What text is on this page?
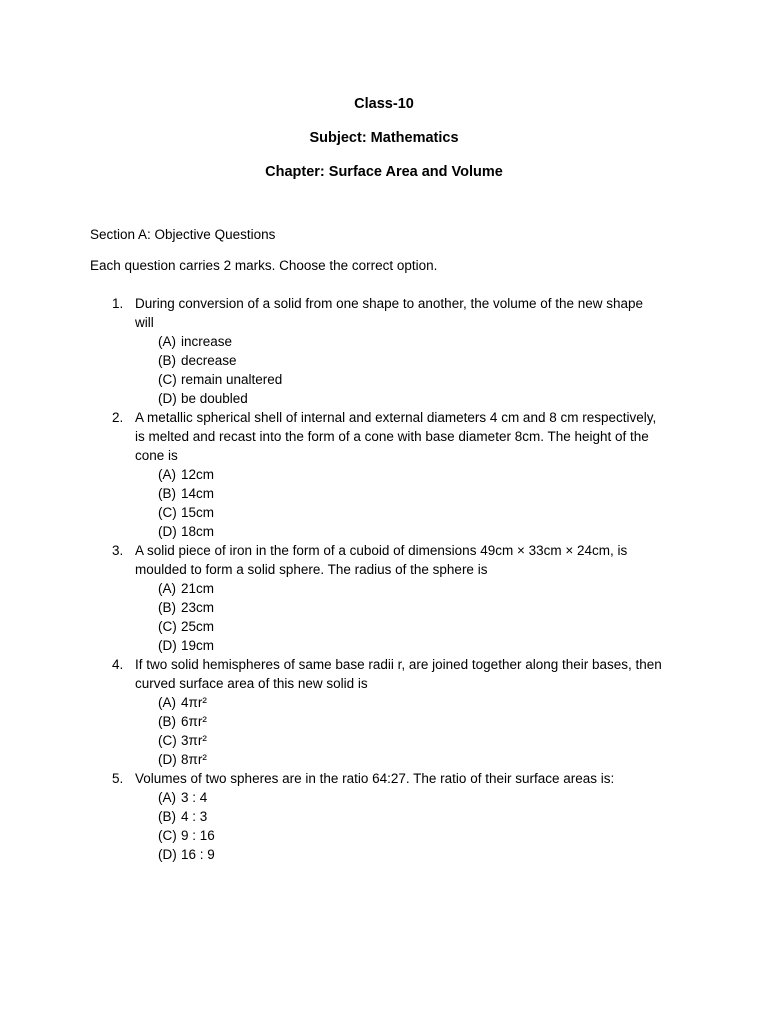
Class-10
Subject: Mathematics
Chapter: Surface Area and Volume
Section A: Objective Questions
Each question carries 2 marks. Choose the correct option.
1. During conversion of a solid from one shape to another, the volume of the new shape
will
(A) increase
(B) decrease
(C) remain unaltered
(D) be doubled
2. A metallic spherical shell of internal and external diameters 4 cm and 8 cm respectively,
is melted and recast into the form of a cone with base diameter 8cm. The height of the
cone is
(A) 12cm
(B) 14cm
(C) 15cm
(D) 18cm
3. A solid piece of iron in the form of a cuboid of dimensions 49cm × 33cm × 24cm, is
moulded to form a solid sphere. The radius of the sphere is
(A) 21cm
(B) 23cm
(C) 25cm
(D) 19cm
4. If two solid hemispheres of same base radii r, are joined together along their bases, then
curved surface area of this new solid is
(A) 4πr²
(B) 6πr²
(C) 3πr²
(D) 8πr²
5. Volumes of two spheres are in the ratio 64:27. The ratio of their surface areas is:
(A) 3 : 4
(B) 4 : 3
(C) 9 : 16
(D) 16 : 9
